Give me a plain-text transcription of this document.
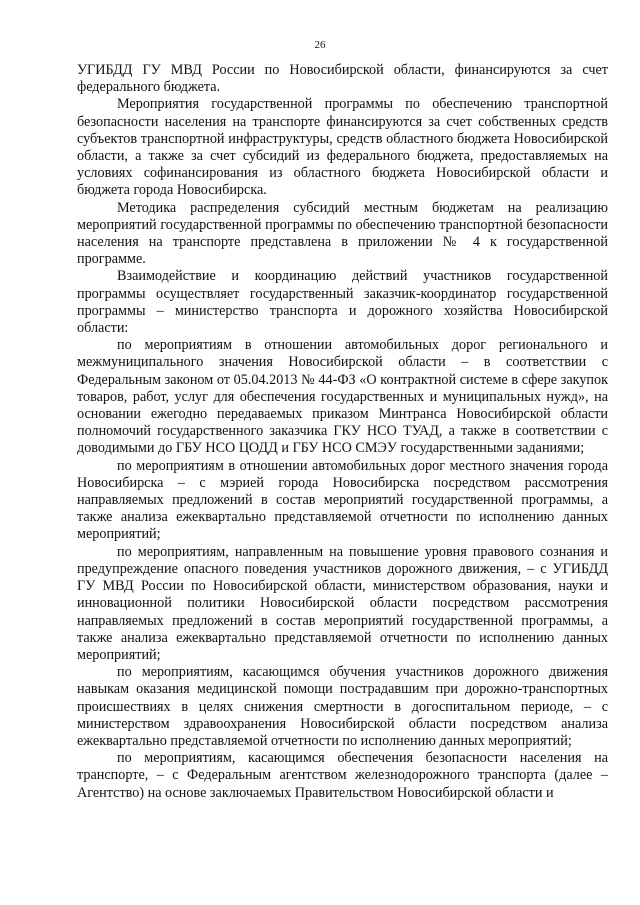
26

УГИБДД ГУ МВД России по Новосибирской области, финансируются за счет федерального бюджета.

Мероприятия государственной программы по обеспечению транспортной безопасности населения на транспорте финансируются за счет собственных средств субъектов транспортной инфраструктуры, средств областного бюджета Новосибирской области, а также за счет субсидий из федерального бюджета, предоставляемых на условиях софинансирования из областного бюджета Новосибирской области и бюджета города Новосибирска.

Методика распределения субсидий местным бюджетам на реализацию мероприятий государственной программы по обеспечению транспортной безопасности населения на транспорте представлена в приложении № 4 к государственной программе.

Взаимодействие и координацию действий участников государственной программы осуществляет государственный заказчик-координатор государственной программы – министерство транспорта и дорожного хозяйства Новосибирской области:

по мероприятиям в отношении автомобильных дорог регионального и межмуниципального значения Новосибирской области – в соответствии с Федеральным законом от 05.04.2013 № 44-ФЗ «О контрактной системе в сфере закупок товаров, работ, услуг для обеспечения государственных и муниципальных нужд», на основании ежегодно передаваемых приказом Минтранса Новосибирской области полномочий государственного заказчика ГКУ НСО ТУАД, а также в соответствии с доводимыми до ГБУ НСО ЦОДД и ГБУ НСО СМЭУ государственными заданиями;

по мероприятиям в отношении автомобильных дорог местного значения города Новосибирска – с мэрией города Новосибирска посредством рассмотрения направляемых предложений в состав мероприятий государственной программы, а также анализа ежеквартально представляемой отчетности по исполнению данных мероприятий;

по мероприятиям, направленным на повышение уровня правового сознания и предупреждение опасного поведения участников дорожного движения, – с УГИБДД ГУ МВД России по Новосибирской области, министерством образования, науки и инновационной политики Новосибирской области посредством рассмотрения направляемых предложений в состав мероприятий государственной программы, а также анализа ежеквартально представляемой отчетности по исполнению данных мероприятий;

по мероприятиям, касающимся обучения участников дорожного движения навыкам оказания медицинской помощи пострадавшим при дорожно-транспортных происшествиях в целях снижения смертности в догоспитальном периоде, – с министерством здравоохранения Новосибирской области посредством анализа ежеквартально представляемой отчетности по исполнению данных мероприятий;

по мероприятиям, касающимся обеспечения безопасности населения на транспорте, – с Федеральным агентством железнодорожного транспорта (далее – Агентство) на основе заключаемых Правительством Новосибирской области и
